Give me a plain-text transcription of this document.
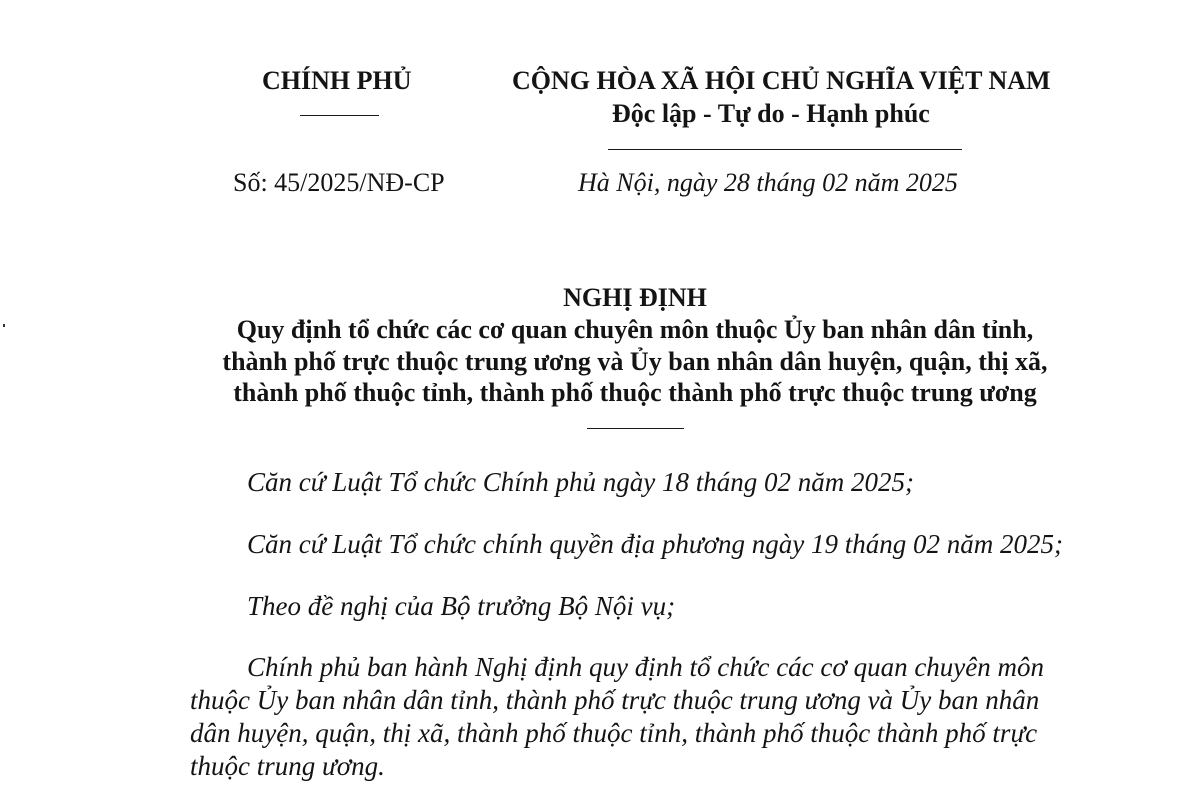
CHÍNH PHỦ	CỘNG HÒA XÃ HỘI CHỦ NGHĨA VIỆT NAM
Độc lập - Tự do - Hạnh phúc
Số: 45/2025/NĐ-CP	Hà Nội, ngày 28 tháng 02 năm 2025
NGHỊ ĐỊNH
Quy định tổ chức các cơ quan chuyên môn thuộc Ủy ban nhân dân tỉnh,
thành phố trực thuộc trung ương và Ủy ban nhân dân huyện, quận, thị xã,
thành phố thuộc tỉnh, thành phố thuộc thành phố trực thuộc trung ương
Căn cứ Luật Tổ chức Chính phủ ngày 18 tháng 02 năm 2025;
Căn cứ Luật Tổ chức chính quyền địa phương ngày 19 tháng 02 năm 2025;
Theo đề nghị của Bộ trưởng Bộ Nội vụ;
Chính phủ ban hành Nghị định quy định tổ chức các cơ quan chuyên môn
thuộc Ủy ban nhân dân tỉnh, thành phố trực thuộc trung ương và Ủy ban nhân
dân huyện, quận, thị xã, thành phố thuộc tỉnh, thành phố thuộc thành phố trực
thuộc trung ương.
